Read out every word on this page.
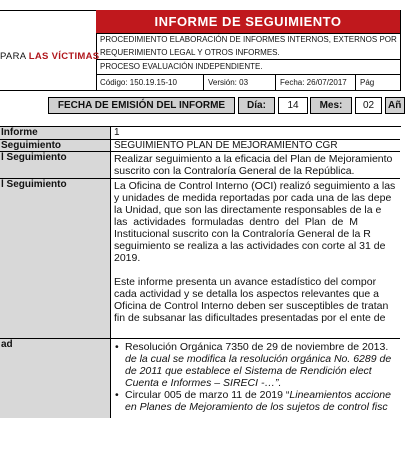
PARA LAS VÍCTIMAS
INFORME DE SEGUIMIENTO
PROCEDIMIENTO ELABORACIÓN DE INFORMES INTERNOS, EXTERNOS POR
REQUERIMIENTO LEGAL Y OTROS INFORMES.
PROCESO EVALUACIÓN INDEPENDIENTE.
Código: 150.19.15-10	Versión: 03	Fecha: 26/07/2017	Pág
FECHA DE EMISIÓN DEL INFORME	Día:	14	Mes:	02	Añ
Informe	1
Seguimiento	SEGUIMIENTO PLAN DE MEJORAMIENTO CGR
l Seguimiento	Realizar seguimiento a la eficacia del Plan de Mejoramiento
suscrito con la Contraloría General de la República.
l Seguimiento	La Oficina de Control Interno (OCI) realizó seguimiento a las
y unidades de medida reportadas por cada una de las depe
la Unidad, que son las directamente responsables de la e
las  actividades  formuladas  dentro  del  Plan  de  M
Institucional suscrito con la Contraloría General de la R
seguimiento se realiza a las actividades con corte al 31 de
2019.
Este informe presenta un avance estadístico del compor
cada actividad y se detalla los aspectos relevantes que a
Oficina de Control Interno deben ser susceptibles de tratan
fin de subsanar las dificultades presentadas por el ente de
ad
•	Resolución Orgánica 7350 de 29 de noviembre de 2013.
de la cual se modifica la resolución orgánica No. 6289 de
de 2011 que establece el Sistema de Rendición elect
Cuenta e Informes – SIRECI -…”.
• Circular 005 de marzo 11 de 2019 “Lineamientos accione
en Planes de Mejoramiento de los sujetos de control fisc
